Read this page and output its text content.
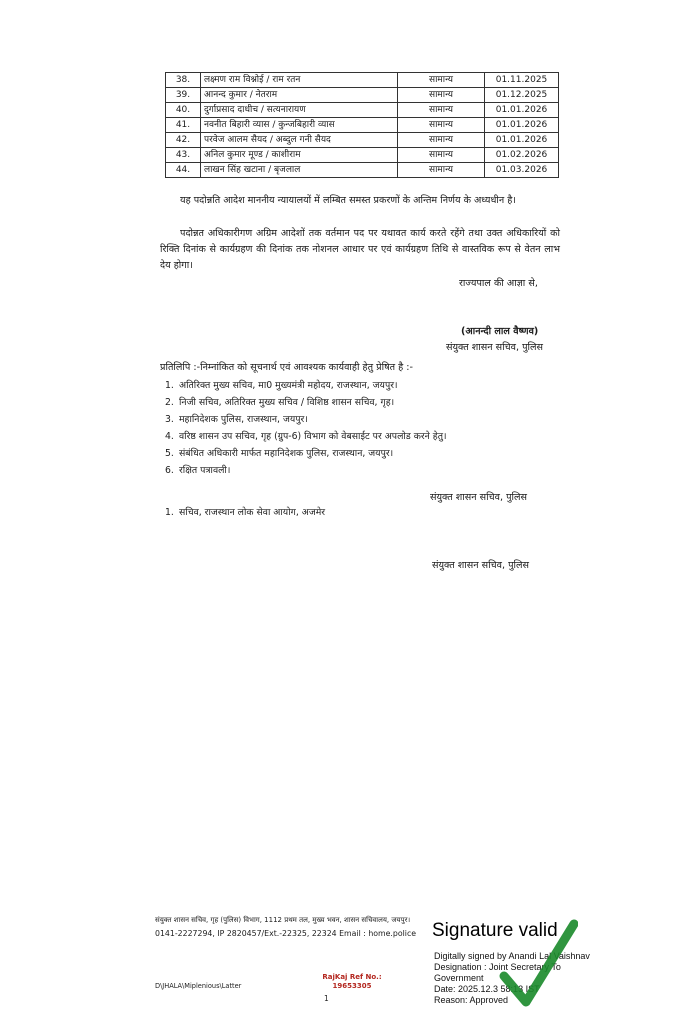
38.	लक्ष्मण राम विश्नोई / राम रतन	सामान्य	01.11.2025
39.	आनन्द कुमार / नेतराम	सामान्य	01.12.2025
40.	दुर्गाप्रसाद दाधीच / सत्यनारायण	सामान्य	01.01.2026
41.	नवनीत बिहारी व्यास / कुन्जबिहारी व्यास	सामान्य	01.01.2026
42.	परवेज आलम सैयद / अब्दुल गनी सैयद	सामान्य	01.01.2026
43.	अनिल कुमार मूण्ड / काशीराम	सामान्य	01.02.2026
44.	लाखन सिंह खटाना / बृजलाल	सामान्य	01.03.2026

यह पदोन्नति आदेश माननीय न्यायालयों में लम्बित समस्त प्रकरणों के अन्तिम निर्णय के अध्यधीन है।

पदोन्नत अधिकारीगण अग्रिम आदेशों तक वर्तमान पद पर यथावत कार्य करते रहेंगे तथा उक्त अधिकारियों को रिक्ति दिनांक से कार्यग्रहण की दिनांक तक नोशनल आधार पर एवं कार्यग्रहण तिथि से वास्तविक रूप से वेतन लाभ देय होगा।

राज्यपाल की आज्ञा से,
(आनन्दी लाल वैष्णव)
संयुक्त शासन सचिव, पुलिस
प्रतिलिपि :-निम्नांकित को सूचनार्थ एवं आवश्यक कार्यवाही हेतु प्रेषित है :-
1. अतिरिक्त मुख्य सचिव, मा0 मुख्यमंत्री महोदय, राजस्थान, जयपुर।
2. निजी सचिव, अतिरिक्त मुख्य सचिव / विशिष्ठ शासन सचिव, गृह।
3. महानिदेशक पुलिस, राजस्थान, जयपुर।
4. वरिष्ठ शासन उप सचिव, गृह (ग्रुप-6) विभाग को वेबसाईट पर अपलोड करने हेतु।
5. संबंधित अधिकारी मार्फत महानिदेशक पुलिस, राजस्थान, जयपुर।
6. रक्षित पत्रावली।
संयुक्त शासन सचिव, पुलिस
1. सचिव, राजस्थान लोक सेवा आयोग, अजमेर
संयुक्त शासन सचिव, पुलिस
संयुक्त शासन सचिव, गृह (पुलिस) विभाग, 1112 प्रथम तल, मुख्य भवन, शासन सचिवालय, जयपुर।
0141-2227294, IP 2820457/Ext.-22325, 22324 Email : home.police
D\JHALA\Miplenious\Latter
RajKaj Ref No.:
19653305
1
Signature valid
Digitally signed by Anandi Lal Vaishnav
Designation : Joint Secretary To
Government
Date: 2025.12.3 58:13 IST
Reason: Approved
